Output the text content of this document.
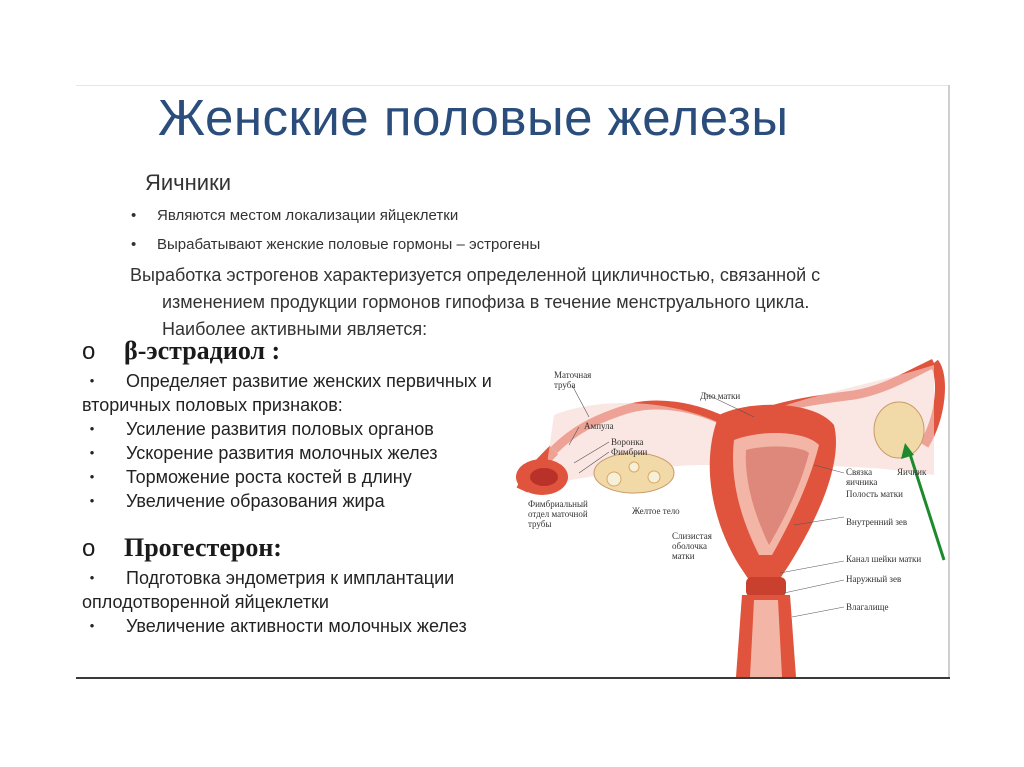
Женские половые железы
Яичники
• Являются местом локализации яйцеклетки
• Вырабатывают женские половые гормоны – эстрогены
Выработка эстрогенов характеризуется определенной цикличностью, связанной с
изменением продукции гормонов гипофиза в течение менструального цикла.
Наиболее активными является:
o β-эстрадиол :
•	Определяет развитие женских первичных и вторичных половых признаков:
•	Усиление развития половых органов
•	Ускорение развития молочных желез
•	Торможение роста костей в длину
•	Увеличение образования жира
o Прогестерон:
•	Подготовка эндометрия к имплантации оплодотворенной яйцеклетки
•	Увеличение активности молочных желез
Маточная труба
Дно матки
Ампула
Воронка
Фимбрии
Связка яичника
Яичник
Полость матки
Желтое тело
Фимбриальный отдел маточной трубы	Внутренний зев
Слизистая оболочка матки	Канал шейки матки
Наружный зев
Влагалище
